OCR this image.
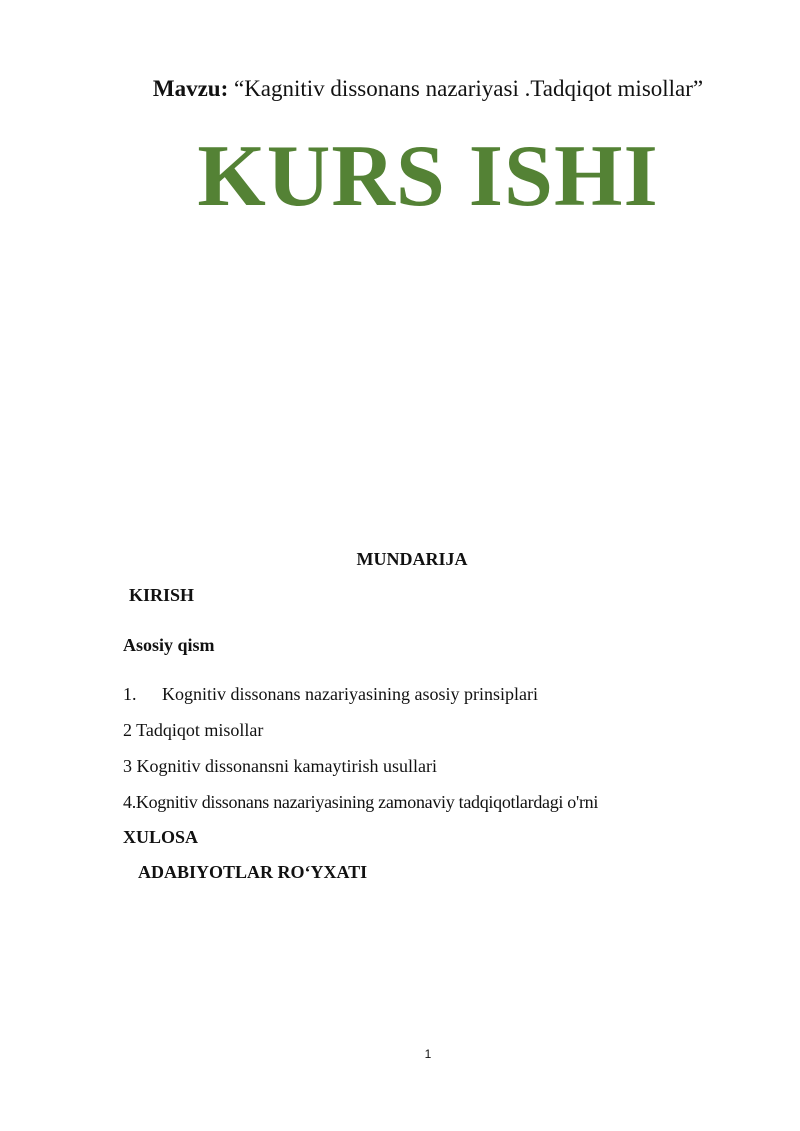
Mavzu: “Kagnitiv dissonans nazariyasi .Tadqiqot misollar”
KURS ISHI
MUNDARIJA
KIRISH
Asosiy qism
1. Kognitiv dissonans nazariyasining asosiy prinsiplari
2 Tadqiqot misollar
3 Kognitiv dissonansni kamaytirish usullari
4.Kognitiv dissonans nazariyasining zamonaviy tadqiqotlardagi o'rni
XULOSA
ADABIYOTLAR RO‘YXATI
1
